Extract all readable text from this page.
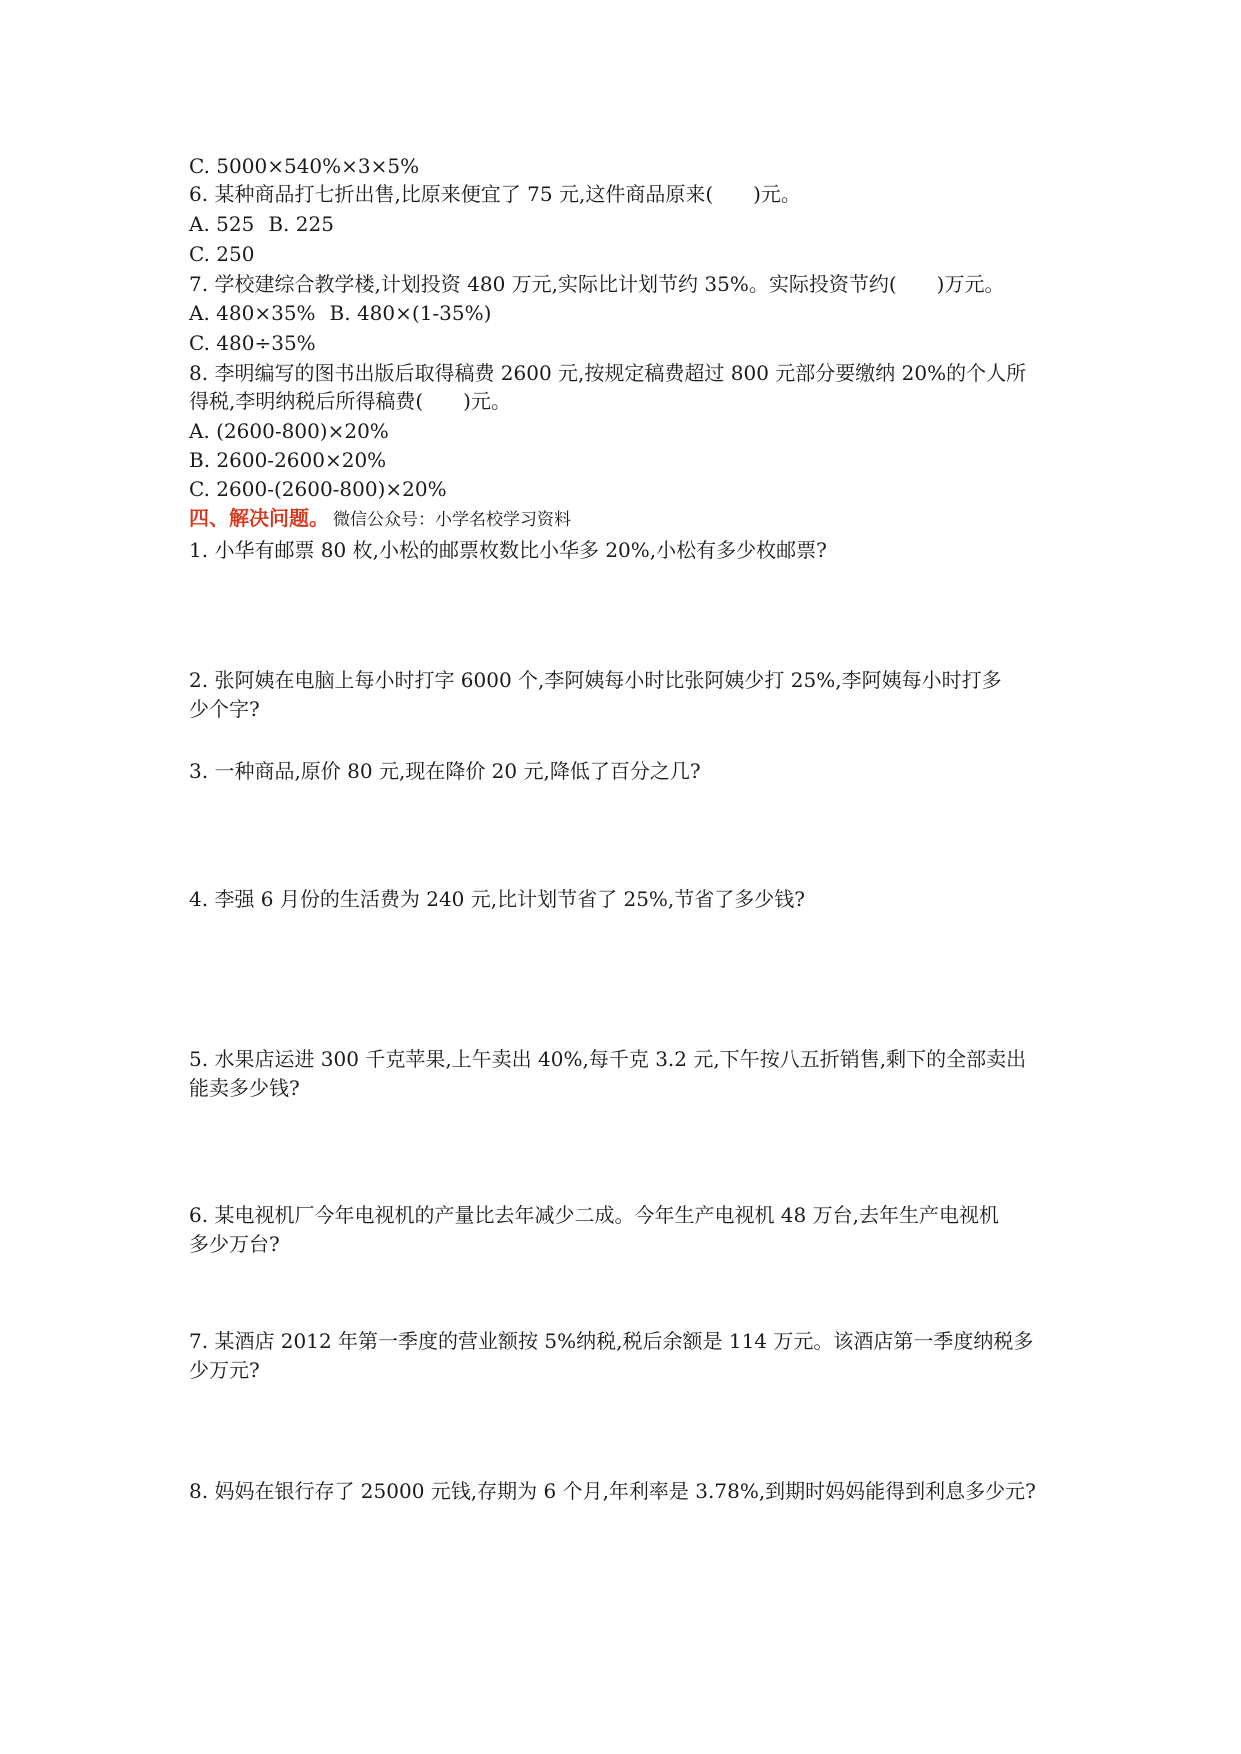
C. 5000×540%×3×5%

6. 某种商品打七折出售,比原来便宜了 75 元,这件商品原来(　　)元。

A. 525 B. 225

C. 250

7. 学校建综合教学楼,计划投资 480 万元,实际比计划节约 35%。实际投资节约(　　)万元。

A. 480×35% B. 480×(1-35%)

C. 480÷35%

8. 李明编写的图书出版后取得稿费 2600 元,按规定稿费超过 800 元部分要缴纳 20%的个人所

得税,李明纳税后所得稿费(　　)元。

A. (2600-800)×20%

B. 2600-2600×20%

C. 2600-(2600-800)×20%

四、解决问题。 微信公众号：小学名校学习资料

1. 小华有邮票 80 枚,小松的邮票枚数比小华多 20%,小松有多少枚邮票?

2. 张阿姨在电脑上每小时打字 6000 个,李阿姨每小时比张阿姨少打 25%,李阿姨每小时打多

少个字?

3. 一种商品,原价 80 元,现在降价 20 元,降低了百分之几?

4. 李强 6 月份的生活费为 240 元,比计划节省了 25%,节省了多少钱?

5. 水果店运进 300 千克苹果,上午卖出 40%,每千克 3.2 元,下午按八五折销售,剩下的全部卖出

能卖多少钱?

6. 某电视机厂今年电视机的产量比去年减少二成。今年生产电视机 48 万台,去年生产电视机

多少万台?

7. 某酒店 2012 年第一季度的营业额按 5%纳税,税后余额是 114 万元。该酒店第一季度纳税多

少万元?

8. 妈妈在银行存了 25000 元钱,存期为 6 个月,年利率是 3.78%,到期时妈妈能得到利息多少元?
